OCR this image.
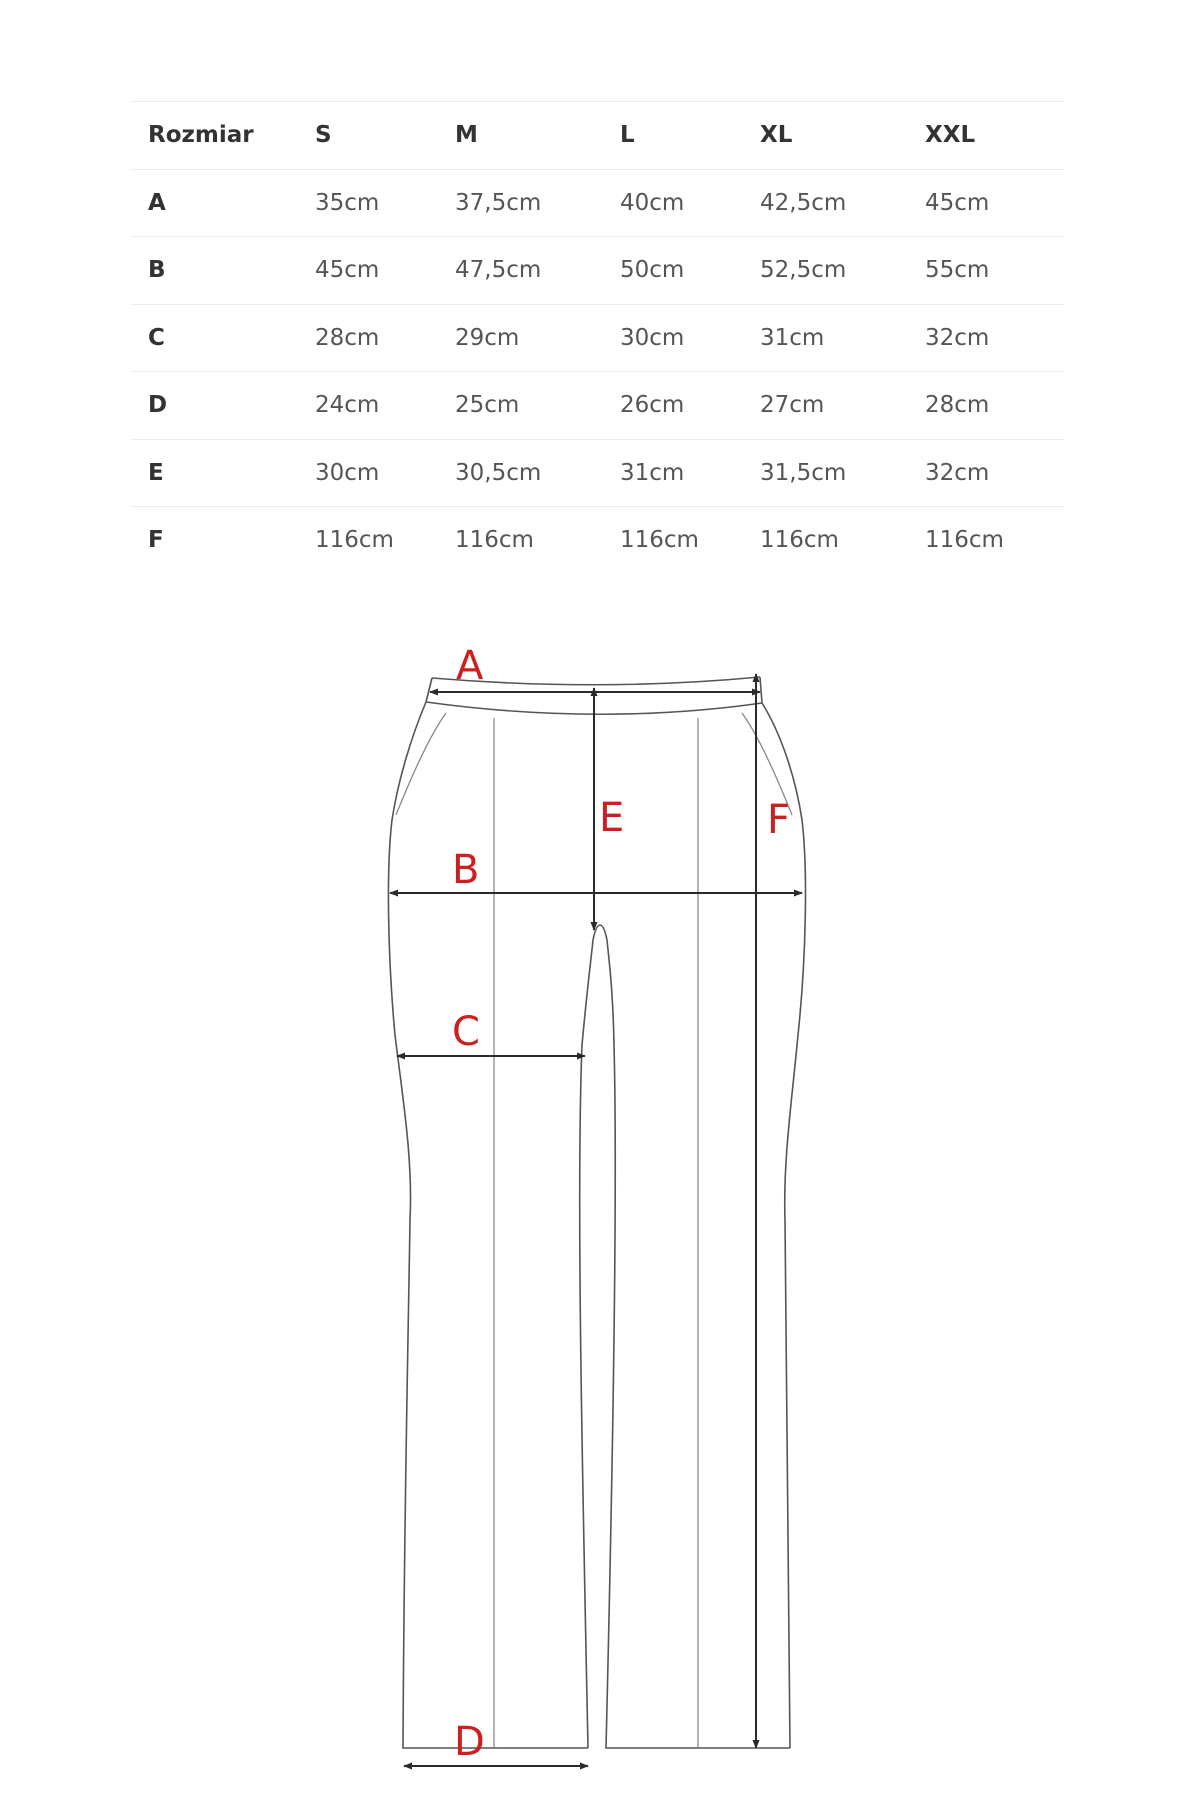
Rozmiar	S	M	L	XL	XXL
A	35cm	37,5cm	40cm	42,5cm	45cm
B	45cm	47,5cm	50cm	52,5cm	55cm
C	28cm	29cm	30cm	31cm	32cm
D	24cm	25cm	26cm	27cm	28cm
E	30cm	30,5cm	31cm	31,5cm	32cm
F	116cm	116cm	116cm	116cm	116cm
A
B
C
D
E	F
